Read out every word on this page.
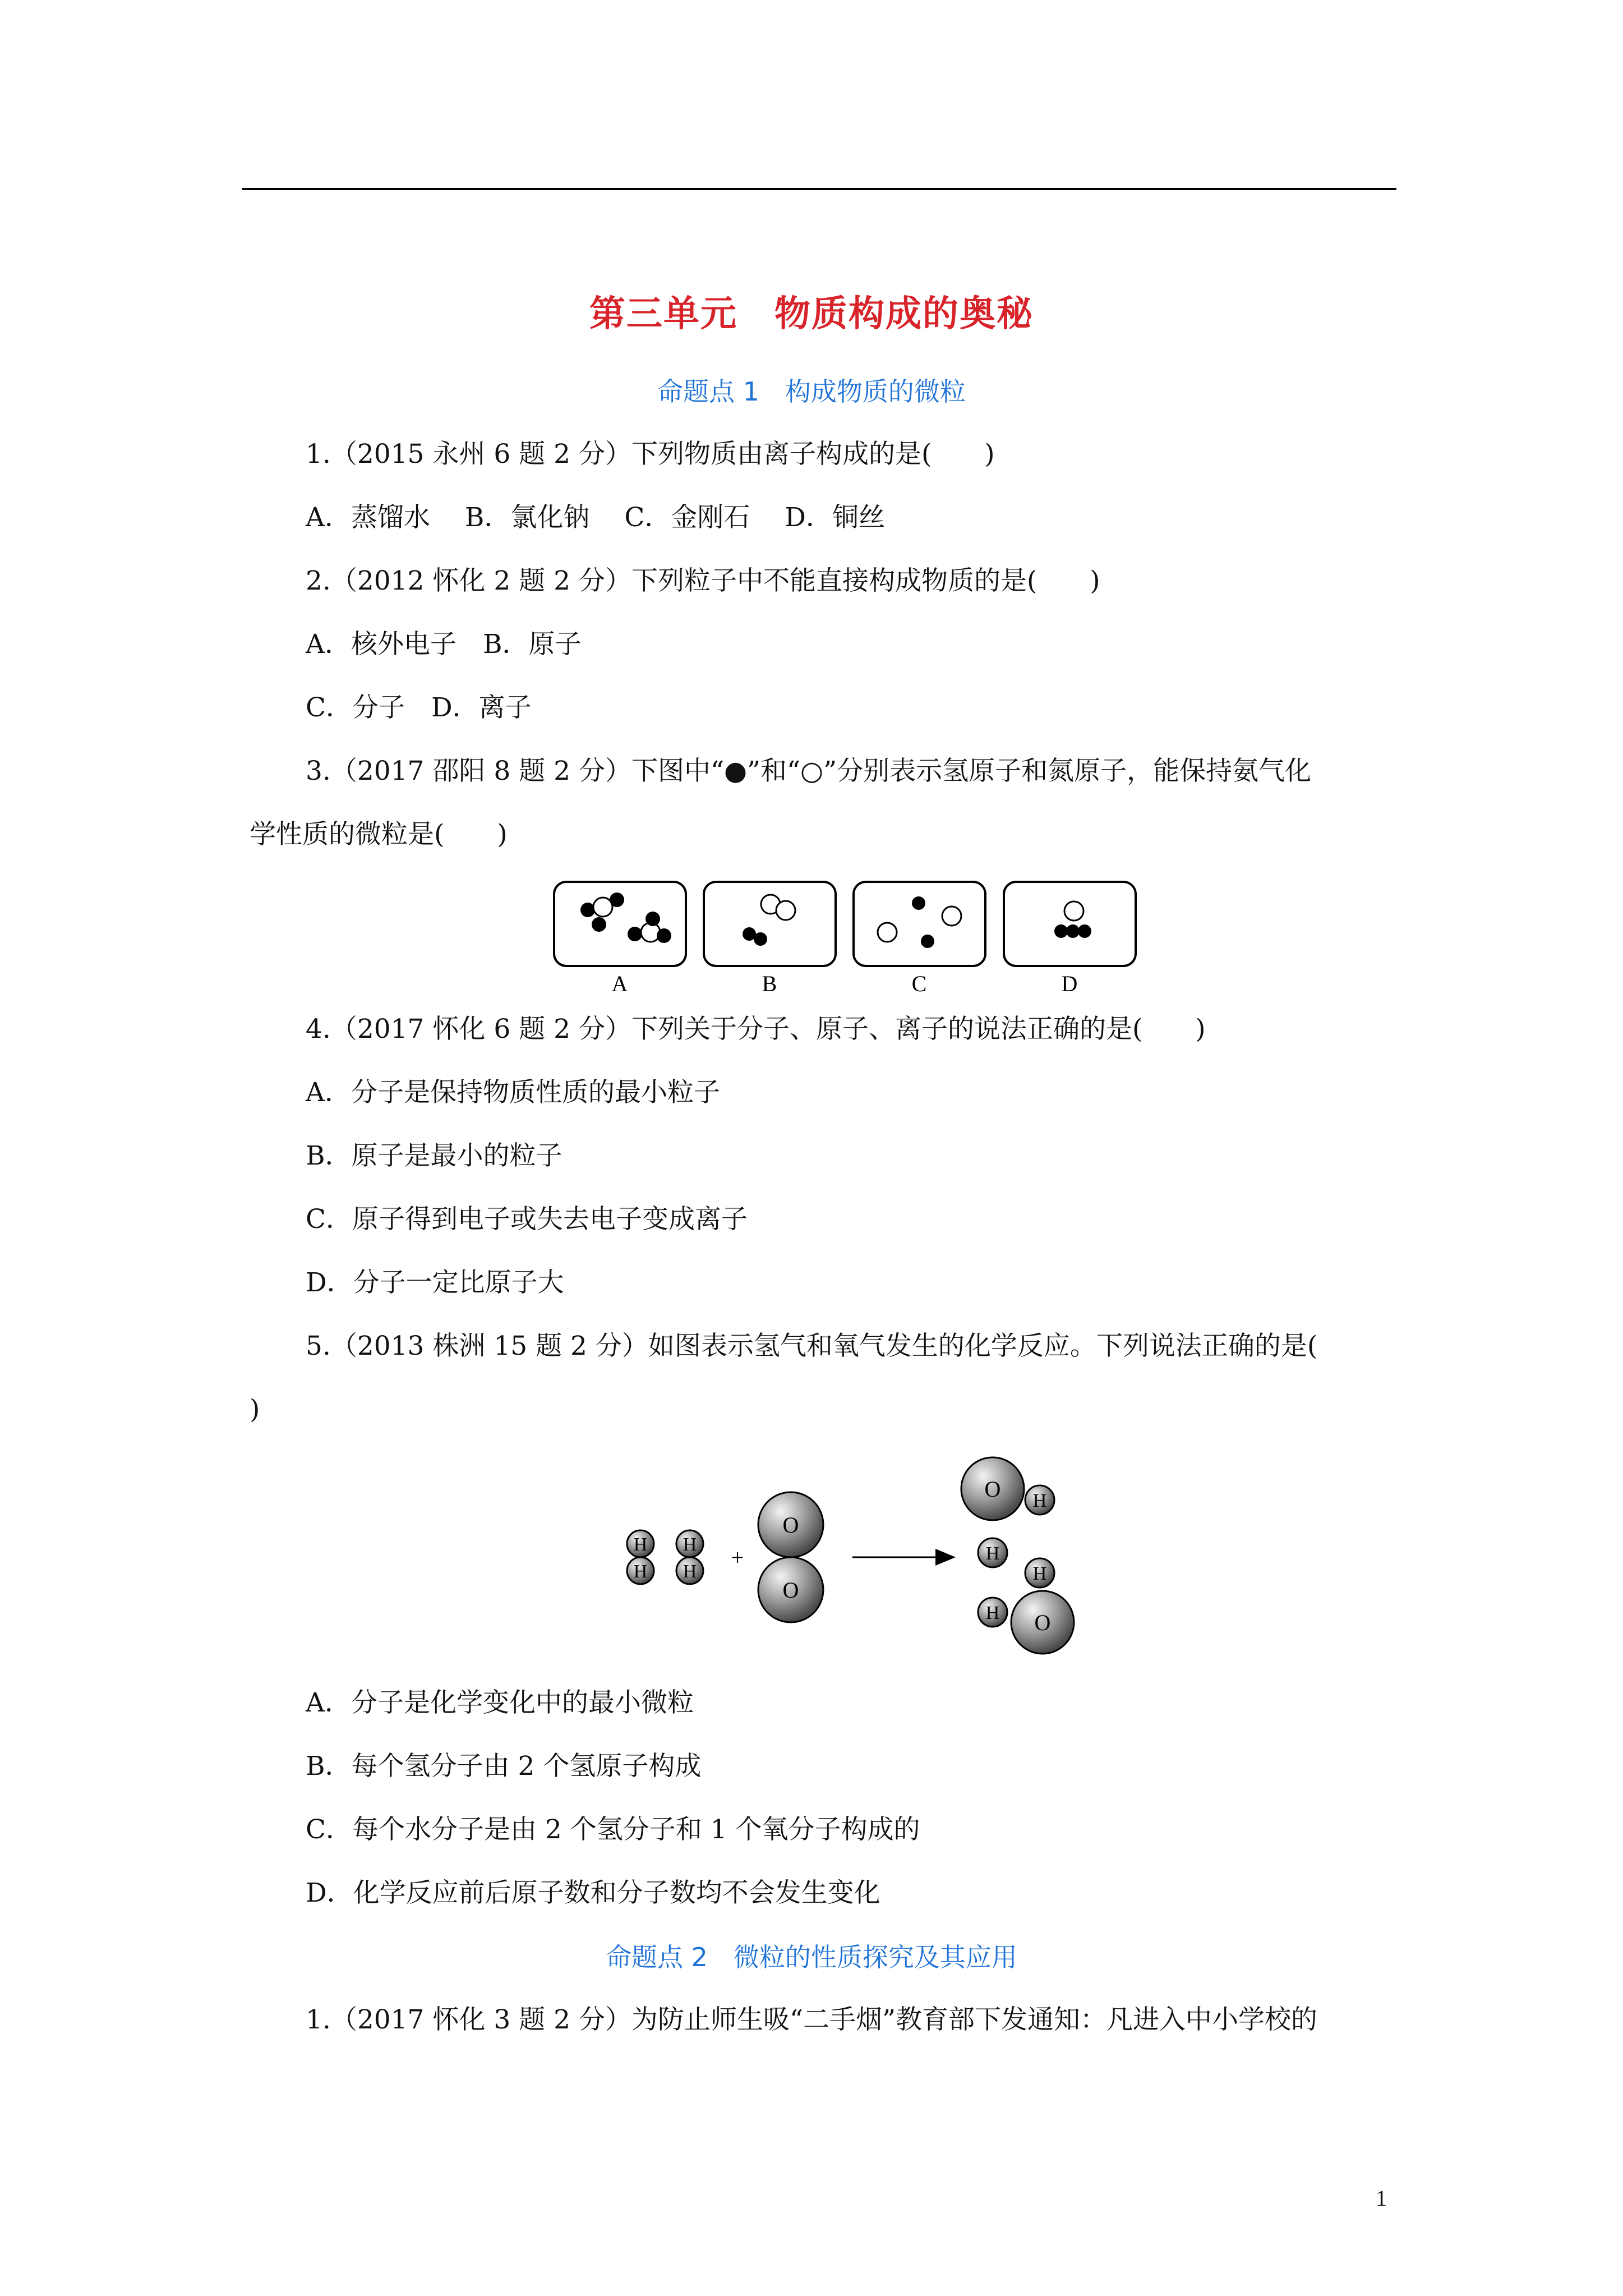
第三单元　物质构成的奥秘
命题点 1　构成物质的微粒
1.（2015 永州 6 题 2 分）下列物质由离子构成的是(　　)
A．蒸馏水　 B．氯化钠　 C．金刚石　 D．铜丝
2.（2012 怀化 2 题 2 分）下列粒子中不能直接构成物质的是(　　)
A．核外电子　B．原子
C．分子　D．离子
3.（2017 邵阳 8 题 2 分）下图中“●”和“○”分别表示氢原子和氮原子，能保持氨气化
学性质的微粒是(　　)
A	B	C	D
4.（2017 怀化 6 题 2 分）下列关于分子、原子、离子的说法正确的是(　　)
A．分子是保持物质性质的最小粒子
B．原子是最小的粒子
C．原子得到电子或失去电子变成离子
D．分子一定比原子大
5.（2013 株洲 15 题 2 分）如图表示氢气和氧气发生的化学反应。下列说法正确的是(
)
H
H
H
H
+
O
O
O H
H
H
O
H
A．分子是化学变化中的最小微粒
B．每个氢分子由 2 个氢原子构成
C．每个水分子是由 2 个氢分子和 1 个氧分子构成的
D．化学反应前后原子数和分子数均不会发生变化
命题点 2　微粒的性质探究及其应用
1.（2017 怀化 3 题 2 分）为防止师生吸“二手烟”教育部下发通知：凡进入中小学校的
1
